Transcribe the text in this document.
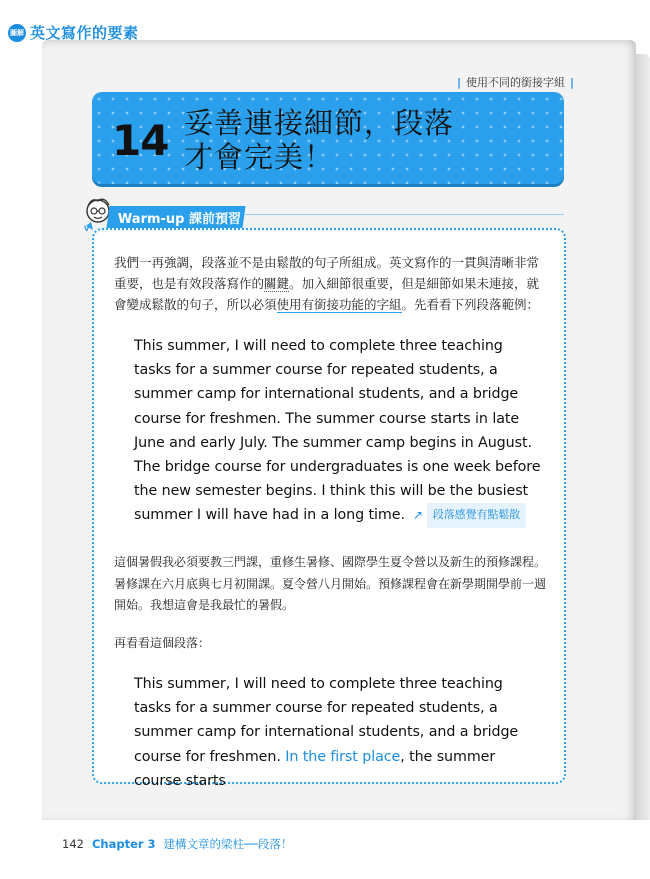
圖解 英文寫作的要素
| 使用不同的銜接字組 |
14 妥善連接細節，段落
才會完美！
V
Warm-up 課前預習
我們一再強調，段落並不是由鬆散的句子所組成。英文寫作的一貫與清晰非常重要，也是有效段落寫作的關鍵。加入細節很重要，但是細節如果未連接，就會變成鬆散的句子，所以必須使用有銜接功能的字組。先看看下列段落範例：
This summer, I will need to complete three teaching tasks for a summer course for repeated students, a summer camp for international students, and a bridge course for freshmen. The summer course starts in late June and early July. The summer camp begins in August. The bridge course for undergraduates is one week before the new semester begins. I think this will be the busiest summer I will have had in a long time. ↗ 段落感覺有點鬆散
這個暑假我必須要教三門課，重修生暑修、國際學生夏令營以及新生的預修課程。暑修課在六月底與七月初開課。夏令營八月開始。預修課程會在新學期開學前一週開始。我想這會是我最忙的暑假。
再看看這個段落：
This summer, I will need to complete three teaching tasks for a summer course for repeated students, a summer camp for international students, and a bridge course for freshmen. In the first place, the summer course starts
142 Chapter 3 建構文章的梁柱──段落！
